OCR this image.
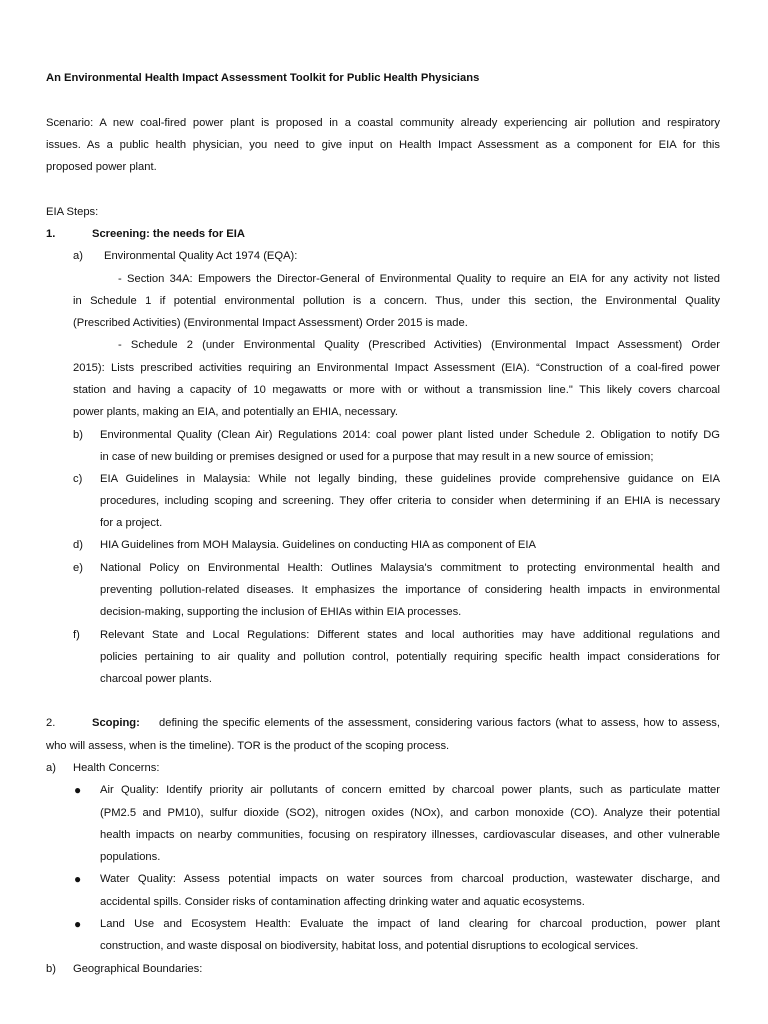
An Environmental Health Impact Assessment Toolkit for Public Health Physicians
Scenario: A new coal-fired power plant is proposed in a coastal community already experiencing air pollution and respiratory
issues. As a public health physician, you need to give input on Health Impact Assessment as a component for EIA for this
proposed power plant.
EIA Steps:
1.	Screening: the needs for EIA
a) Environmental Quality Act 1974 (EQA):
- Section 34A: Empowers the Director-General of Environmental Quality to require an EIA for any activity not listed
in Schedule 1 if potential environmental pollution is a concern. Thus, under this section, the Environmental Quality
(Prescribed Activities) (Environmental Impact Assessment) Order 2015 is made.
- Schedule 2 (under Environmental Quality (Prescribed Activities) (Environmental Impact Assessment) Order
2015): Lists prescribed activities requiring an Environmental Impact Assessment (EIA). “Construction of a coal-fired power
station and having a capacity of 10 megawatts or more with or without a transmission line." This likely covers charcoal
power plants, making an EIA, and potentially an EHIA, necessary.
b) Environmental Quality (Clean Air) Regulations 2014: coal power plant listed under Schedule 2. Obligation to notify DG
in case of new building or premises designed or used for a purpose that may result in a new source of emission;
c) EIA Guidelines in Malaysia: While not legally binding, these guidelines provide comprehensive guidance on EIA
procedures, including scoping and screening. They offer criteria to consider when determining if an EHIA is necessary
for a project.
d) HIA Guidelines from MOH Malaysia. Guidelines on conducting HIA as component of EIA
e) National Policy on Environmental Health: Outlines Malaysia's commitment to protecting environmental health and
preventing pollution-related diseases. It emphasizes the importance of considering health impacts in environmental
decision-making, supporting the inclusion of EHIAs within EIA processes.
f) Relevant State and Local Regulations: Different states and local authorities may have additional regulations and
policies pertaining to air quality and pollution control, potentially requiring specific health impact considerations for
charcoal power plants.
2.	Scoping: defining the specific elements of the assessment, considering various factors (what to assess, how to assess,
who will assess, when is the timeline). TOR is the product of the scoping process.
a) Health Concerns:
● Air Quality: Identify priority air pollutants of concern emitted by charcoal power plants, such as particulate matter
(PM2.5 and PM10), sulfur dioxide (SO2), nitrogen oxides (NOx), and carbon monoxide (CO). Analyze their potential
health impacts on nearby communities, focusing on respiratory illnesses, cardiovascular diseases, and other vulnerable
populations.
● Water Quality: Assess potential impacts on water sources from charcoal production, wastewater discharge, and
accidental spills. Consider risks of contamination affecting drinking water and aquatic ecosystems.
● Land Use and Ecosystem Health: Evaluate the impact of land clearing for charcoal production, power plant
construction, and waste disposal on biodiversity, habitat loss, and potential disruptions to ecological services.
b) Geographical Boundaries:
